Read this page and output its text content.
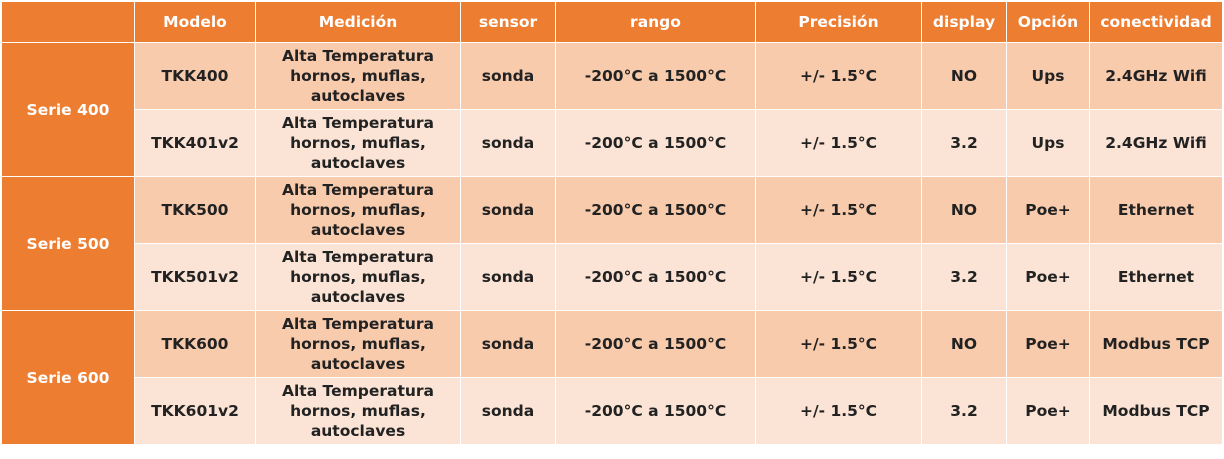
	Modelo	Medición	sensor	rango	Precisión	display	Opción	conectividad
Serie 400	TKK400	Alta Temperatura
hornos, muflas,
autoclaves	sonda	-200°C a 1500°C	+/- 1.5°C	NO	Ups	2.4GHz Wifi
	TKK401v2	Alta Temperatura
hornos, muflas,
autoclaves	sonda	-200°C a 1500°C	+/- 1.5°C	3.2	Ups	2.4GHz Wifi
Serie 500	TKK500	Alta Temperatura
hornos, muflas,
autoclaves	sonda	-200°C a 1500°C	+/- 1.5°C	NO	Poe+	Ethernet
	TKK501v2	Alta Temperatura
hornos, muflas,
autoclaves	sonda	-200°C a 1500°C	+/- 1.5°C	3.2	Poe+	Ethernet
Serie 600	TKK600	Alta Temperatura
hornos, muflas,
autoclaves	sonda	-200°C a 1500°C	+/- 1.5°C	NO	Poe+	Modbus TCP
	TKK601v2	Alta Temperatura
hornos, muflas,
autoclaves	sonda	-200°C a 1500°C	+/- 1.5°C	3.2	Poe+	Modbus TCP
